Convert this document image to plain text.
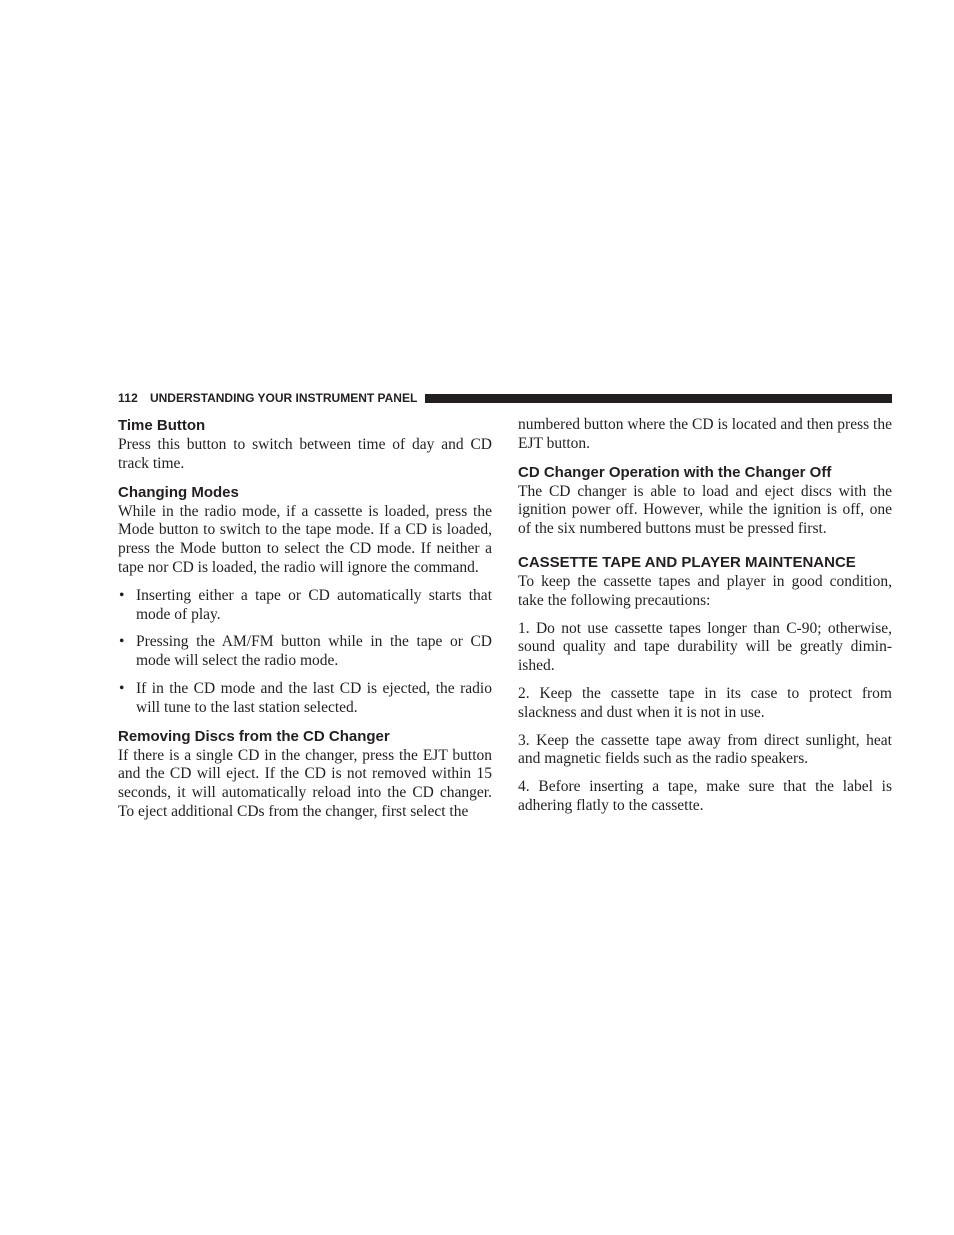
112 UNDERSTANDING YOUR INSTRUMENT PANEL
Time Button

Press this button to switch between time of day and CD track time.

Changing Modes

While in the radio mode, if a cassette is loaded, press the Mode button to switch to the tape mode. If a CD is loaded, press the Mode button to select the CD mode. If neither a tape nor CD is loaded, the radio will ignore the command.

• Inserting either a tape or CD automatically starts that mode of play.
• Pressing the AM/FM button while in the tape or CD mode will select the radio mode.
• If in the CD mode and the last CD is ejected, the radio will tune to the last station selected.
Removing Discs from the CD Changer

If there is a single CD in the changer, press the EJT button and the CD will eject. If the CD is not removed within 15 seconds, it will automatically reload into the CD changer. To eject additional CDs from the changer, first select the

numbered button where the CD is located and then press the EJT button.

CD Changer Operation with the Changer Off

The CD changer is able to load and eject discs with the ignition power off. However, while the ignition is off, one of the six numbered buttons must be pressed first.

CASSETTE TAPE AND PLAYER MAINTENANCE

To keep the cassette tapes and player in good condition, take the following precautions:

1. Do not use cassette tapes longer than C-90; otherwise, sound quality and tape durability will be greatly dimin-ished.

2. Keep the cassette tape in its case to protect from slackness and dust when it is not in use.

3. Keep the cassette tape away from direct sunlight, heat and magnetic fields such as the radio speakers.

4. Before inserting a tape, make sure that the label is adhering flatly to the cassette.
